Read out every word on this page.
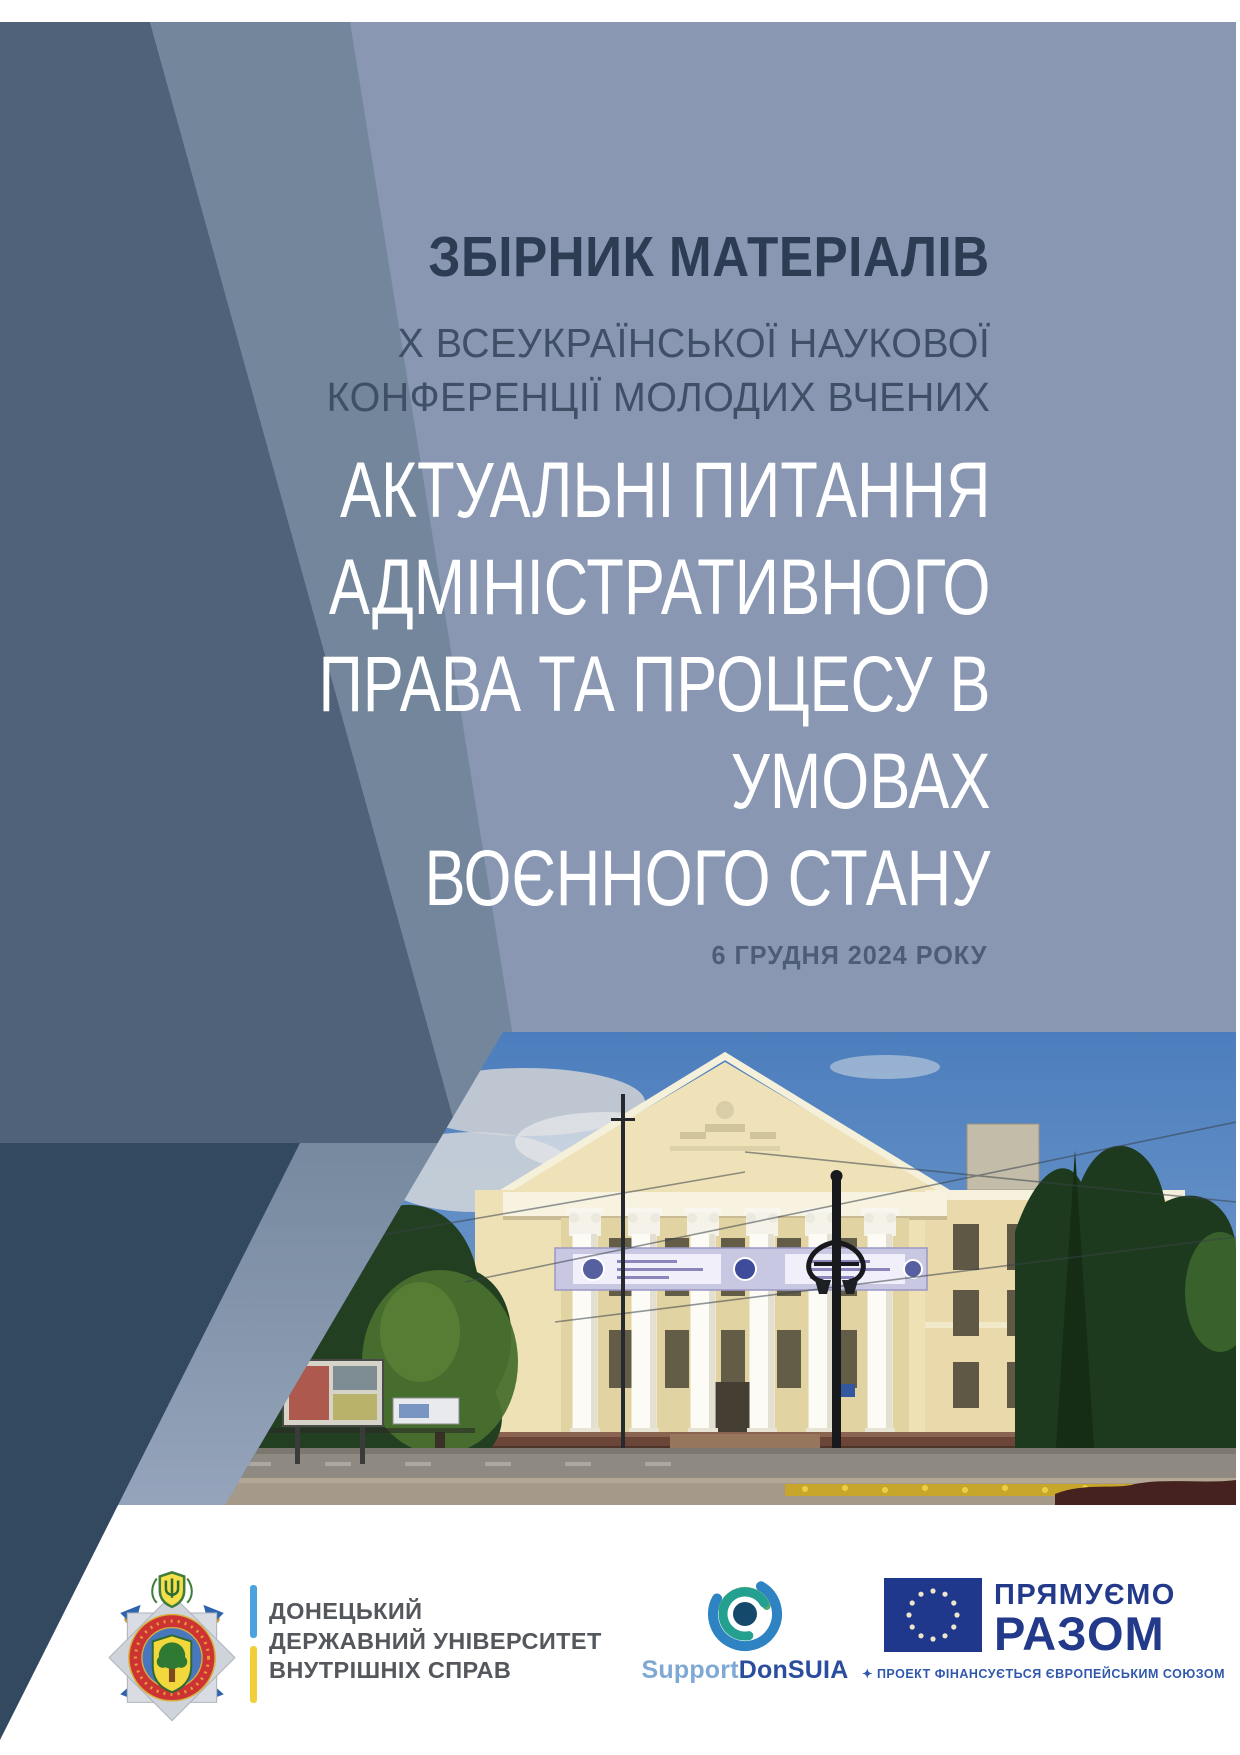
ЗБІРНИК МАТЕРІАЛІВ
Х ВСЕУКРАЇНСЬКОЇ НАУКОВОЇ
КОНФЕРЕНЦІЇ МОЛОДИХ ВЧЕНИХ
АКТУАЛЬНІ ПИТАННЯ
АДМІНІСТРАТИВНОГО
ПРАВА ТА ПРОЦЕСУ В
УМОВАХ
ВОЄННОГО СТАНУ
6 ГРУДНЯ 2024 РОКУ
ДОНЕЦЬКИЙ
ДЕРЖАВНИЙ УНІВЕРСИТЕТ
ВНУТРІШНІХ СПРАВ	SupportDonSUIA
ПРЯМУЄМО
РАЗОМ
✦ ПРОЕКТ ФІНАНСУЄТЬСЯ ЄВРОПЕЙСЬКИМ СОЮЗОМ
